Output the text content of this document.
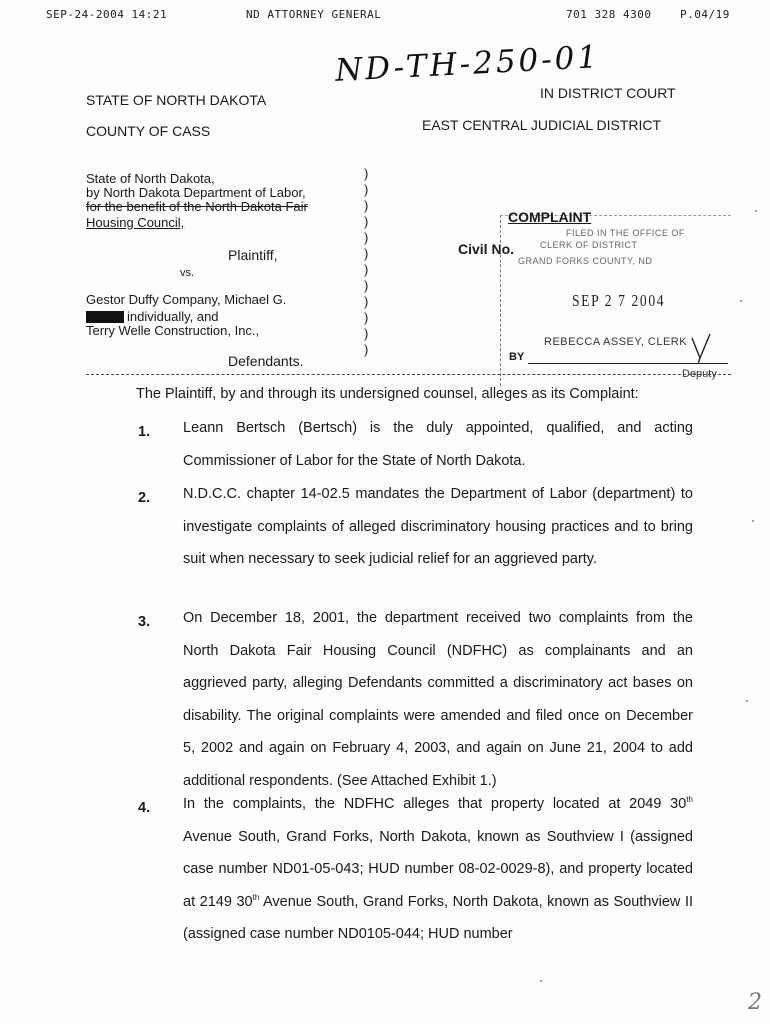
SEP-24-2004 14:21	ND ATTORNEY GENERAL	701 328 4300	P.04/19
ND-TH-250-01
STATE OF NORTH DAKOTA
COUNTY OF CASS
IN DISTRICT COURT
EAST CENTRAL JUDICIAL DISTRICT
State of North Dakota,
by North Dakota Department of Labor,
for the benefit of the North Dakota Fair
Housing Council,
Plaintiff,
vs.
Gestor Duffy Company, Michael G.
individually, and
Terry Welle Construction, Inc.,
Defendants.
)
)
)
)
)
)
)
)
)
)
)
)
Civil No.
COMPLAINT
FILED IN THE OFFICE OF
CLERK OF DISTRICT
GRAND FORKS COUNTY, ND
SEP 2 7 2004
REBECCA ASSEY, CLERK
BY
Deputy
The Plaintiff, by and through its undersigned counsel, alleges as its Complaint:
1. Leann Bertsch (Bertsch) is the duly appointed, qualified, and acting Commissioner of Labor for the State of North Dakota.
2. N.D.C.C. chapter 14-02.5 mandates the Department of Labor (department) to investigate complaints of alleged discriminatory housing practices and to bring suit when necessary to seek judicial relief for an aggrieved party.
3. On December 18, 2001, the department received two complaints from the North Dakota Fair Housing Council (NDFHC) as complainants and an aggrieved party, alleging Defendants committed a discriminatory act bases on disability. The original complaints were amended and filed once on December 5, 2002 and again on February 4, 2003, and again on June 21, 2004 to add additional respondents. (See Attached Exhibit 1.)
4. In the complaints, the NDFHC alleges that property located at 2049 30th Avenue South, Grand Forks, North Dakota, known as Southview I (assigned case number ND01-05-043; HUD number 08-02-0029-8), and property located at 2149 30th Avenue South, Grand Forks, North Dakota, known as Southview II (assigned case number ND0105-044; HUD number
2
